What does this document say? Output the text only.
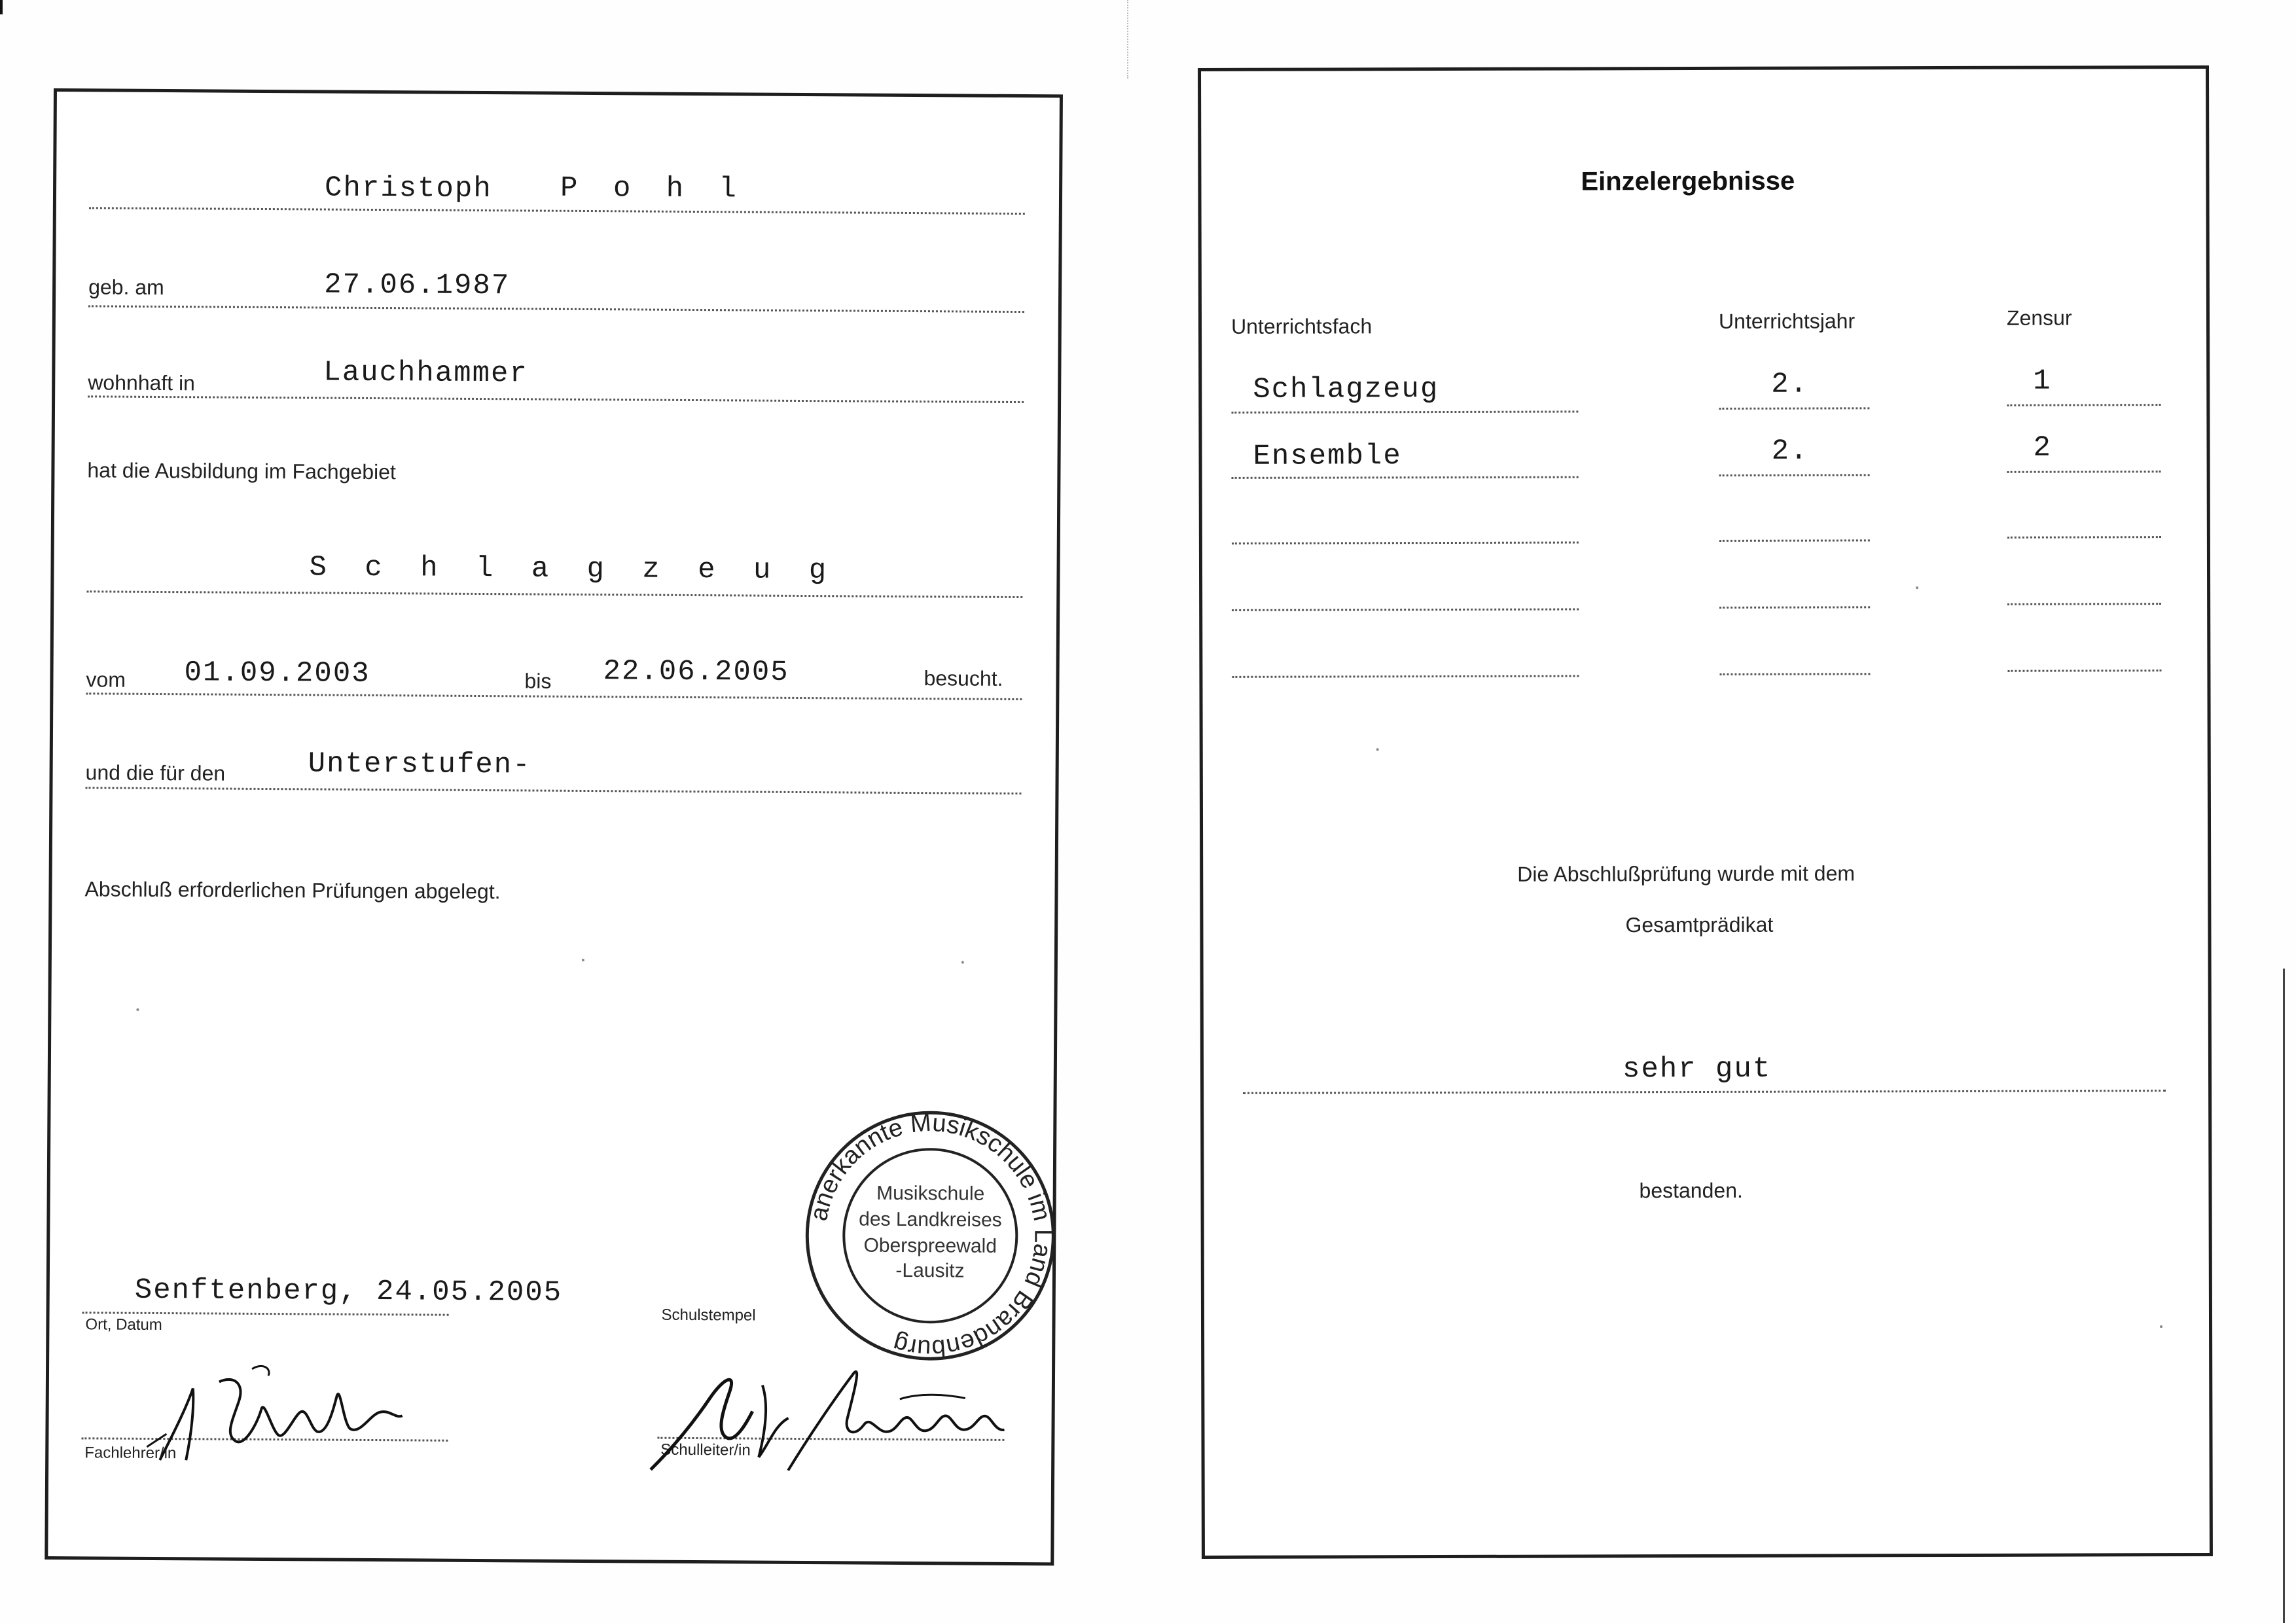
Christoph P o h l
geb. am	27.06.1987
wohnhaft in	Lauchhammer
hat die Ausbildung im Fachgebiet
S c h l a g z e u g
vom 01.09.2003	bis 22.06.2005	besucht.
und die für den	Unterstufen-
Abschluß erforderlichen Prüfungen abgelegt.
Senftenberg, 24.05.2005
Ort, Datum
Schulstempel
Fachlehrer/in	Schulleiter/in
anerkannte Musikschule im Land Brandenburg
Musikschule
des Landkreises
Oberspreewald
-Lausitz
Einzelergebnisse
Unterrichtsfach	Unterrichtsjahr	Zensur
Schlagzeug	2.	1
Ensemble	2.	2
Die Abschlußprüfung wurde mit dem
Gesamtprädikat
sehr gut
bestanden.
